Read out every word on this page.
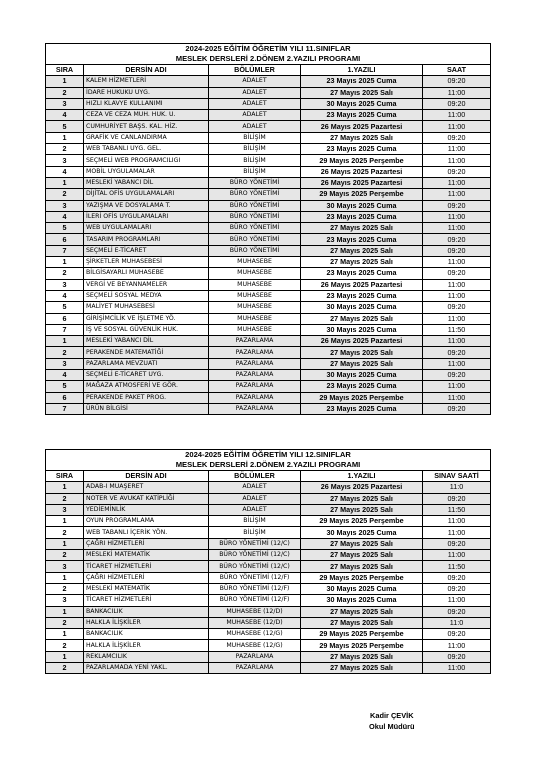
2024-2025 EĞİTİM ÖĞRETİM YILI 11.SINIFLAR				
MESLEK DERSLERİ 2.DÖNEM 2.YAZILI PROGRAMI				
SIRA	DERSİN ADI	BÖLÜMLER	1.YAZILI	SAAT
1	KALEM HİZMETLERİ	ADALET	23 Mayıs 2025 Cuma	09:20
2	İDARE HUKUKU UYG.	ADALET	27 Mayıs 2025 Salı	11:00
3	HIZLI KLAVYE KULLANIMI	ADALET	30 Mayıs 2025 Cuma	09:20
4	CEZA VE CEZA MUH. HUK. U.	ADALET	23 Mayıs 2025 Cuma	11:00
5	CUMHURİYET BAŞS. KAL. HİZ.	ADALET	26 Mayıs 2025 Pazartesi	11:00
1	GRAFİK VE CANLANDIRMA	BİLİŞİM	27 Mayıs 2025 Salı	09:20
2	WEB TABANLI UYG. GEL.	BİLİŞİM	23 Mayıs 2025 Cuma	11:00
3	SEÇMELİ WEB PROGRAMCILIGI	BİLİŞİM	29 Mayıs 2025 Perşembe	11:00
4	MOBİL UYGULAMALAR	BİLİŞİM	26 Mayıs 2025 Pazartesi	09:20
1	MESLEKİ YABANCI DİL	BÜRO YÖNETİMİ	26 Mayıs 2025 Pazartesi	11:00
2	DİJİTAL OFİS UYGULAMALARI	BÜRO YÖNETİMİ	29 Mayıs 2025 Perşembe	11:00
3	YAZIŞMA VE DOSYALAMA T.	BÜRO YÖNETİMİ	30 Mayıs 2025 Cuma	09:20
4	İLERİ OFİS UYGULAMALARI	BÜRO YÖNETİMİ	23 Mayıs 2025 Cuma	11:00
5	WEB UYGULAMALARI	BÜRO YÖNETİMİ	27 Mayıs 2025 Salı	11:00
6	TASARIM PROGRAMLARI	BÜRO YÖNETİMİ	23 Mayıs 2025 Cuma	09:20
7	SEÇMELİ E-TİCARET	BÜRO YÖNETİMİ	27 Mayıs 2025 Salı	09:20
1	ŞİRKETLER MUHASEBESİ	MUHASEBE	27 Mayıs 2025 Salı	11:00
2	BİLGİSAYARLI MUHASEBE	MUHASEBE	23 Mayıs 2025 Cuma	09:20
3	VERGİ VE BEYANNAMELER	MUHASEBE	26 Mayıs 2025 Pazartesi	11:00
4	SEÇMELİ SOSYAL MEDYA	MUHASEBE	23 Mayıs 2025 Cuma	11:00
5	MALİYET MUHASEBESİ	MUHASEBE	30 Mayıs 2025 Cuma	09:20
6	GİRİŞİMCİLİK VE İŞLETME YÖ.	MUHASEBE	27 Mayıs 2025 Salı	11:00
7	İŞ VE SOSYAL GÜVENLİK HUK.	MUHASEBE	30 Mayıs 2025 Cuma	11:50
1	MESLEKİ YABANCI DİL	PAZARLAMA	26 Mayıs 2025 Pazartesi	11:00
2	PERAKENDE MATEMATİĞİ	PAZARLAMA	27 Mayıs 2025 Salı	09:20
3	PAZARLAMA MEVZUATI	PAZARLAMA	27 Mayıs 2025 Salı	11:00
4	SEÇMELİ E-TİCARET UYG.	PAZARLAMA	30 Mayıs 2025 Cuma	09:20
5	MAĞAZA ATMOSFERİ VE GÖR.	PAZARLAMA	23 Mayıs 2025 Cuma	11:00
6	PERAKENDE PAKET PROG.	PAZARLAMA	29 Mayıs 2025 Perşembe	11:00
7	ÜRÜN BİLGİSİ	PAZARLAMA	23 Mayıs 2025 Cuma	09:20
2024-2025 EĞİTİM ÖĞRETİM YILI 12.SINIFLAR				
MESLEK DERSLERİ 2.DÖNEM 2.YAZILI PROGRAMI				
SIRA	DERSİN ADI	BÖLÜMLER	1.YAZILI	SINAV SAATİ
1	ADAB-I MUAŞERET	ADALET	26 Mayıs 2025 Pazartesi	11:0
2	NOTER VE AVUKAT KATİPLİĞİ	ADALET	27 Mayıs 2025 Salı	09:20
3	YEDİEMİNLİK	ADALET	27 Mayıs 2025 Salı	11:50
1	OYUN PROGRAMLAMA	BİLİŞİM	29 Mayıs 2025 Perşembe	11:00
2	WEB TABANLI İÇERİK YÖN.	BİLİŞİM	30 Mayıs 2025 Cuma	11:00
1	ÇAĞRI HİZMETLERİ	BÜRO YÖNETİMİ (12/C)	27 Mayıs 2025 Salı	09:20
2	MESLEKİ MATEMATİK	BÜRO YÖNETİMİ (12/C)	27 Mayıs 2025 Salı	11:00
3	TİCARET HİZMETLERİ	BÜRO YÖNETİMİ (12/C)	27 Mayıs 2025 Salı	11:50
1	ÇAĞRI HİZMETLERİ	BÜRO YÖNETİMİ (12/F)	29 Mayıs 2025 Perşembe	09:20
2	MESLEKİ MATEMATİK	BÜRO YÖNETİMİ (12/F)	30 Mayıs 2025 Cuma	09:20
3	TİCARET HİZMETLERİ	BÜRO YÖNETİMİ (12/F)	30 Mayıs 2025 Cuma	11:00
1	BANKACILIK	MUHASEBE (12/D)	27 Mayıs 2025 Salı	09:20
2	HALKLA İLİŞKİLER	MUHASEBE (12/D)	27 Mayıs 2025 Salı	11:0
1	BANKACILIK	MUHASEBE (12/G)	29 Mayıs 2025 Perşembe	09:20
2	HALKLA İLİŞKİLER	MUHASEBE (12/G)	29 Mayıs 2025 Perşembe	11:00
1	REKLAMCILIK	PAZARLAMA	27 Mayıs 2025 Salı	09:20
2	PAZARLAMADA YENİ YAKL.	PAZARLAMA	27 Mayıs 2025 Salı	11:00
Kadir ÇEVİK
Okul Müdürü
